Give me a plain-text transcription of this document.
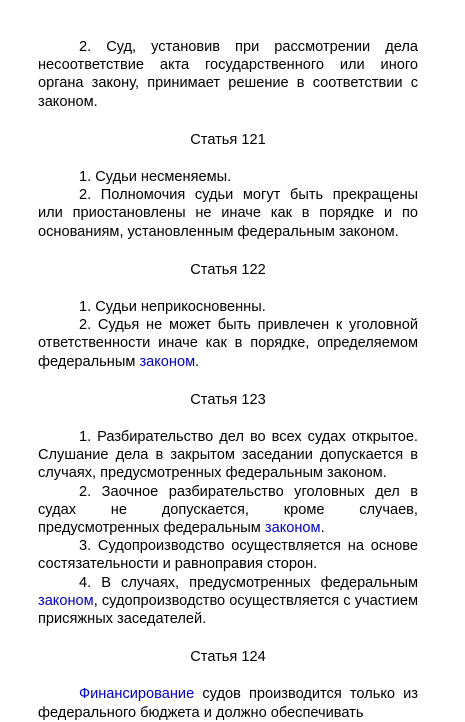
2. Суд, установив при рассмотрении дела несоответствие акта государственного или иного органа закону, принимает решение в соответствии с законом.

Статья 121

1. Судьи несменяемы.

2. Полномочия судьи могут быть прекращены или приостановлены не иначе как в порядке и по основаниям, установленным федеральным законом.

Статья 122

1. Судьи неприкосновенны.

2. Судья не может быть привлечен к уголовной ответственности иначе как в порядке, определяемом федеральным законом.

Статья 123

1. Разбирательство дел во всех судах открытое. Слушание дела в закрытом заседании допускается в случаях, предусмотренных федеральным законом.

2. Заочное разбирательство уголовных дел в судах не допускается, кроме случаев, предусмотренных федеральным законом.

3. Судопроизводство осуществляется на основе состязательности и равноправия сторон.

4. В случаях, предусмотренных федеральным законом, судопроизводство осуществляется с участием присяжных заседателей.

Статья 124

Финансирование судов производится только из федерального бюджета и должно обеспечивать
